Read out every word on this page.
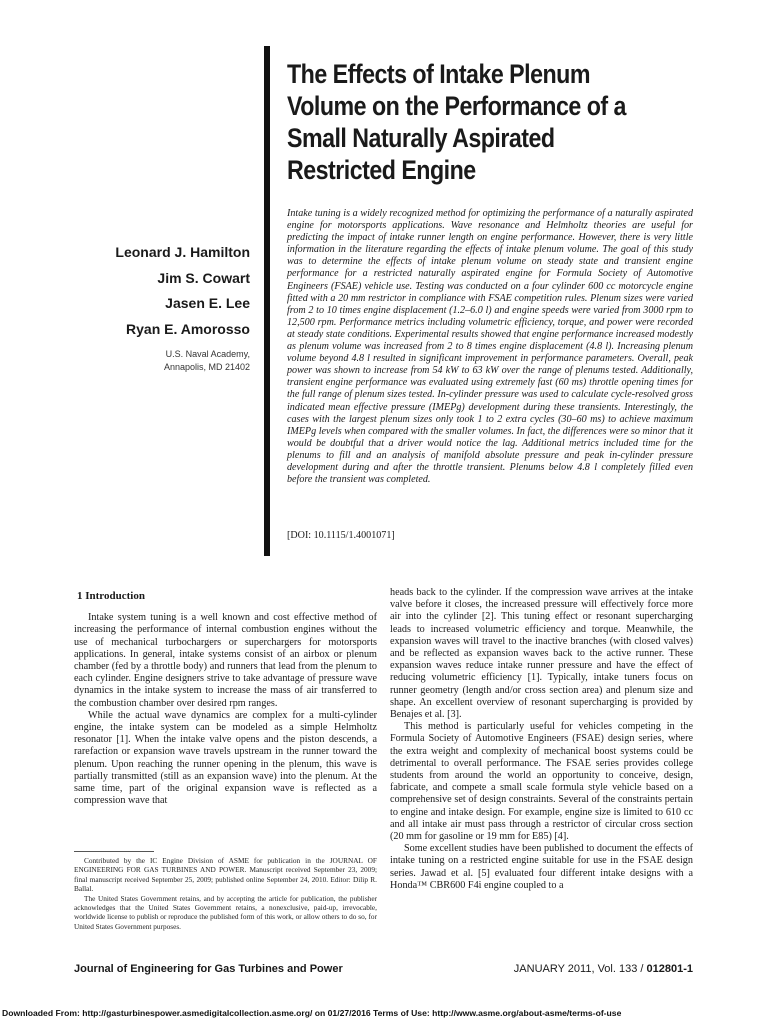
The Effects of Intake Plenum
Volume on the Performance of a
Small Naturally Aspirated
Restricted Engine
Leonard J. Hamilton
Jim S. Cowart
Jasen E. Lee
Ryan E. Amorosso
U.S. Naval Academy,
Annapolis, MD 21402

Intake tuning is a widely recognized method for optimizing the performance of a naturally aspirated engine for motorsports applications. Wave resonance and Helmholtz theories are useful for predicting the impact of intake runner length on engine performance. However, there is very little information in the literature regarding the effects of intake plenum volume. The goal of this study was to determine the effects of intake plenum volume on steady state and transient engine performance for a restricted naturally aspirated engine for Formula Society of Automotive Engineers (FSAE) vehicle use. Testing was conducted on a four cylinder 600 cc motorcycle engine fitted with a 20 mm restrictor in compliance with FSAE competition rules. Plenum sizes were varied from 2 to 10 times engine displacement (1.2–6.0 l) and engine speeds were varied from 3000 rpm to 12,500 rpm. Performance metrics including volumetric efficiency, torque, and power were recorded at steady state conditions. Experimental results showed that engine performance increased modestly as plenum volume was increased from 2 to 8 times engine displacement (4.8 l). Increasing plenum volume beyond 4.8 l resulted in significant improvement in performance parameters. Overall, peak power was shown to increase from 54 kW to 63 kW over the range of plenums tested. Additionally, transient engine performance was evaluated using extremely fast (60 ms) throttle opening times for the full range of plenum sizes tested. In-cylinder pressure was used to calculate cycle-resolved gross indicated mean effective pressure (IMEPg) development during these transients. Interestingly, the cases with the largest plenum sizes only took 1 to 2 extra cycles (30–60 ms) to achieve maximum IMEPg levels when compared with the smaller volumes. In fact, the differences were so minor that it would be doubtful that a driver would notice the lag. Additional metrics included time for the plenums to fill and an analysis of manifold absolute pressure and peak in-cylinder pressure development during and after the throttle transient. Plenums below 4.8 l completely filled even before the transient was completed.

[DOI: 10.1115/1.4001071]
1 Introduction

Intake system tuning is a well known and cost effective method of increasing the performance of internal combustion engines without the use of mechanical turbochargers or superchargers for motorsports applications. In general, intake systems consist of an airbox or plenum chamber (fed by a throttle body) and runners that lead from the plenum to each cylinder. Engine designers strive to take advantage of pressure wave dynamics in the intake system to increase the mass of air transferred to the combustion chamber over desired rpm ranges.

While the actual wave dynamics are complex for a multi-cylinder engine, the intake system can be modeled as a simple Helmholtz resonator [1]. When the intake valve opens and the piston descends, a rarefaction or expansion wave travels upstream in the runner toward the plenum. Upon reaching the runner opening in the plenum, this wave is partially transmitted (still as an expansion wave) into the plenum. At the same time, part of the original expansion wave is reflected as a compression wave that

heads back to the cylinder. If the compression wave arrives at the intake valve before it closes, the increased pressure will effectively force more air into the cylinder [2]. This tuning effect or resonant supercharging leads to increased volumetric efficiency and torque. Meanwhile, the expansion waves will travel to the inactive branches (with closed valves) and be reflected as expansion waves back to the active runner. These expansion waves reduce intake runner pressure and have the effect of reducing volumetric efficiency [1]. Typically, intake tuners focus on runner geometry (length and/or cross section area) and plenum size and shape. An excellent overview of resonant supercharging is provided by Benajes et al. [3].

This method is particularly useful for vehicles competing in the Formula Society of Automotive Engineers (FSAE) design series, where the extra weight and complexity of mechanical boost systems could be detrimental to overall performance. The FSAE series provides college students from around the world an opportunity to conceive, design, fabricate, and compete a small scale formula style vehicle based on a comprehensive set of design constraints. Several of the constraints pertain to engine and intake design. For example, engine size is limited to 610 cc and all intake air must pass through a restrictor of circular cross section (20 mm for gasoline or 19 mm for E85) [4].

Some excellent studies have been published to document the effects of intake tuning on a restricted engine suitable for use in the FSAE design series. Jawad et al. [5] evaluated four different intake designs with a Honda™ CBR600 F4i engine coupled to a

Contributed by the IC Engine Division of ASME for publication in the JOURNAL OF ENGINEERING FOR GAS TURBINES AND POWER. Manuscript received September 23, 2009; final manuscript received September 25, 2009; published online September 24, 2010. Editor: Dilip R. Ballal.

The United States Government retains, and by accepting the article for publication, the publisher acknowledges that the United States Government retains, a nonexclusive, paid-up, irrevocable, worldwide license to publish or reproduce the published form of this work, or allow others to do so, for United States Government purposes.

Journal of Engineering for Gas Turbines and Power	JANUARY 2011, Vol. 133 / 012801-1
Downloaded From: http://gasturbinespower.asmedigitalcollection.asme.org/ on 01/27/2016 Terms of Use: http://www.asme.org/about-asme/terms-of-use
